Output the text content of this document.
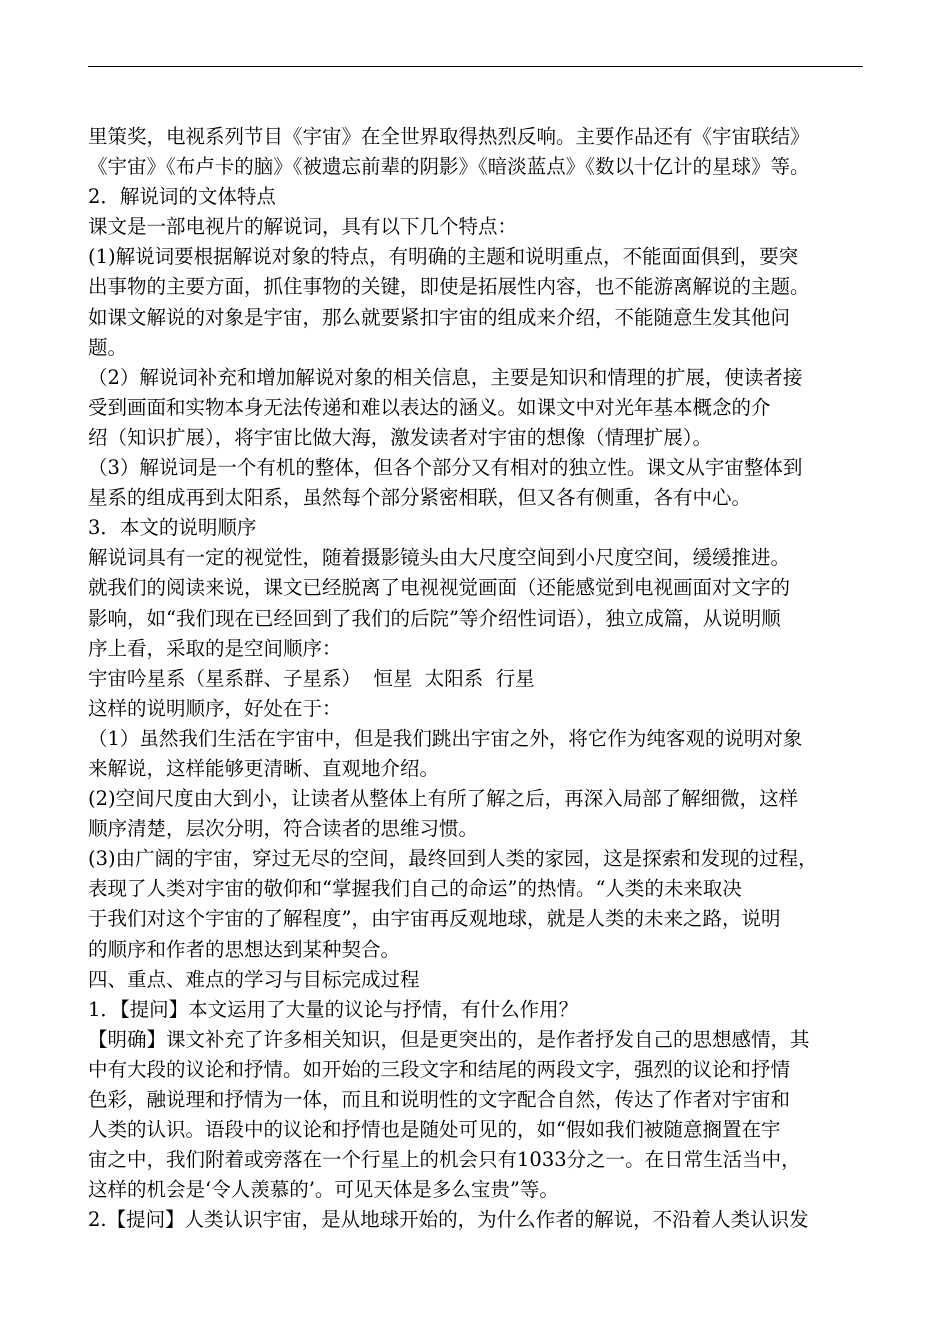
里策奖，电视系列节目《宇宙》在全世界取得热烈反响。主要作品还有《宇宙联结》
《宇宙》《布卢卡的脑》《被遗忘前辈的阴影》《暗淡蓝点》《数以十亿计的星球》等。
2．解说词的文体特点
课文是一部电视片的解说词，具有以下几个特点：
(1)解说词要根据解说对象的特点，有明确的主题和说明重点，不能面面俱到，要突
出事物的主要方面，抓住事物的关键，即使是拓展性内容，也不能游离解说的主题。
如课文解说的对象是宇宙，那么就要紧扣宇宙的组成来介绍，不能随意生发其他问
题。
（2）解说词补充和增加解说对象的相关信息，主要是知识和情理的扩展，使读者接
受到画面和实物本身无法传递和难以表达的涵义。如课文中对光年基本概念的介
绍（知识扩展），将宇宙比做大海，激发读者对宇宙的想像（情理扩展）。
（3）解说词是一个有机的整体，但各个部分又有相对的独立性。课文从宇宙整体到
星系的组成再到太阳系，虽然每个部分紧密相联，但又各有侧重，各有中心。
3．本文的说明顺序
解说词具有一定的视觉性，随着摄影镜头由大尺度空间到小尺度空间，缓缓推进。
就我们的阅读来说，课文已经脱离了电视视觉画面（还能感觉到电视画面对文字的
影响，如“我们现在已经回到了我们的后院”等介绍性词语），独立成篇，从说明顺
序上看，采取的是空间顺序：
宇宙吟星系（星系群、子星系）  恒星  太阳系  行星
这样的说明顺序，好处在于：
（1）虽然我们生活在宇宙中，但是我们跳出宇宙之外，将它作为纯客观的说明对象
来解说，这样能够更清晰、直观地介绍。
(2)空间尺度由大到小，让读者从整体上有所了解之后，再深入局部了解细微，这样
顺序清楚，层次分明，符合读者的思维习惯。
(3)由广阔的宇宙，穿过无尽的空间，最终回到人类的家园，这是探索和发现的过程，
表现了人类对宇宙的敬仰和“掌握我们自己的命运”的热情。“人类的未来取决
于我们对这个宇宙的了解程度”，由宇宙再反观地球，就是人类的未来之路，说明
的顺序和作者的思想达到某种契合。
四、重点、难点的学习与目标完成过程
1．【提问】本文运用了大量的议论与抒情，有什么作用？
【明确】课文补充了许多相关知识，但是更突出的，是作者抒发自己的思想感情，其
中有大段的议论和抒情。如开始的三段文字和结尾的两段文字，强烈的议论和抒情
色彩，融说理和抒情为一体，而且和说明性的文字配合自然，传达了作者对宇宙和
人类的认识。语段中的议论和抒情也是随处可见的，如“假如我们被随意搁置在宇
宙之中，我们附着或旁落在一个行星上的机会只有1033分之一。在日常生活当中，
这样的机会是‘令人羡慕的’。可见天体是多么宝贵”等。
2.【提问】人类认识宇宙，是从地球开始的，为什么作者的解说，不沿着人类认识发
